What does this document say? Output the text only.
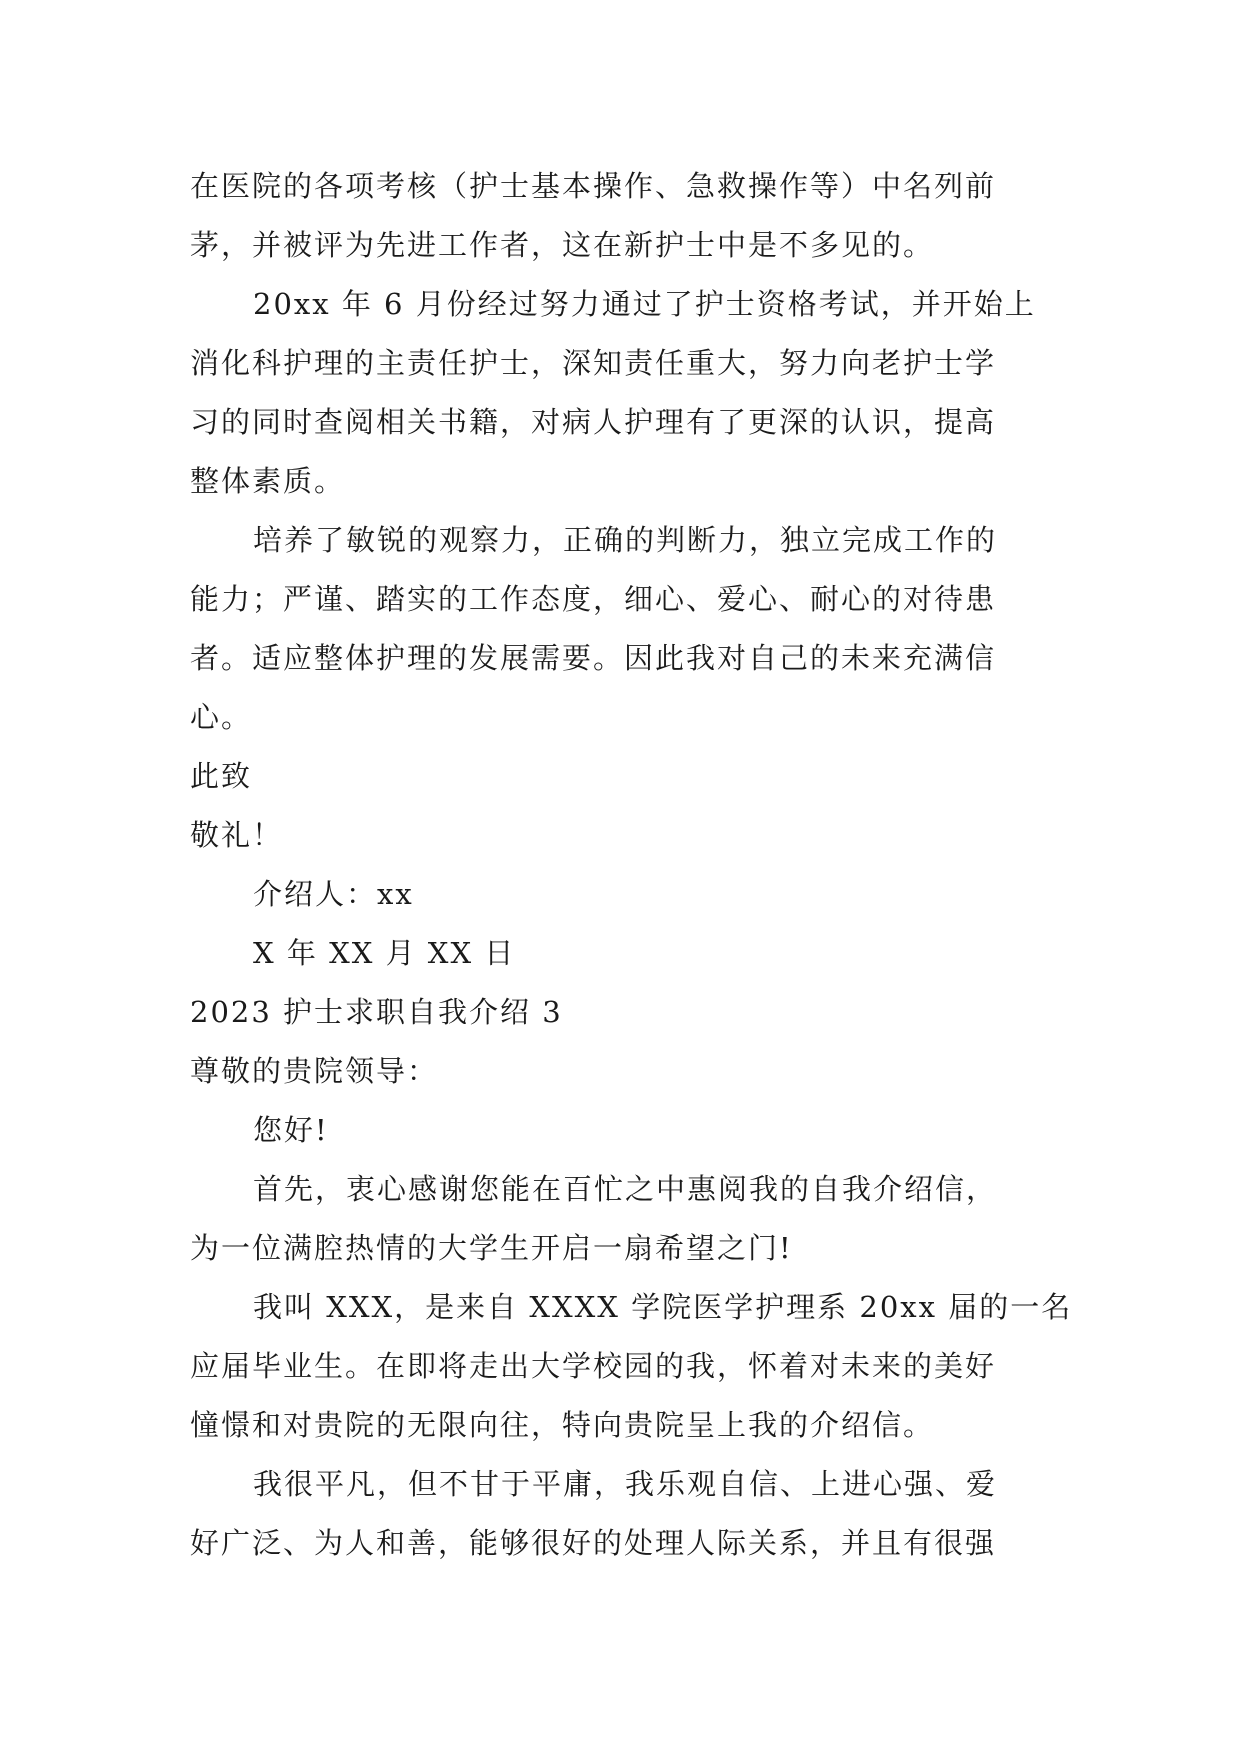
在医院的各项考核（护士基本操作、急救操作等）中名列前
茅，并被评为先进工作者，这在新护士中是不多见的。
20xx 年 6 月份经过努力通过了护士资格考试，并开始上
消化科护理的主责任护士，深知责任重大，努力向老护士学
习的同时查阅相关书籍，对病人护理有了更深的认识，提高
整体素质。
培养了敏锐的观察力，正确的判断力，独立完成工作的
能力；严谨、踏实的工作态度，细心、爱心、耐心的对待患
者。适应整体护理的发展需要。因此我对自己的未来充满信
心。
此致
敬礼！
介绍人：xx
X 年 XX 月 XX 日
2023 护士求职自我介绍 3
尊敬的贵院领导：
您好!
首先，衷心感谢您能在百忙之中惠阅我的自我介绍信，
为一位满腔热情的大学生开启一扇希望之门!
我叫 XXX，是来自 XXXX 学院医学护理系 20xx 届的一名
应届毕业生。在即将走出大学校园的我，怀着对未来的美好
憧憬和对贵院的无限向往，特向贵院呈上我的介绍信。
我很平凡，但不甘于平庸，我乐观自信、上进心强、爱
好广泛、为人和善，能够很好的处理人际关系，并且有很强
